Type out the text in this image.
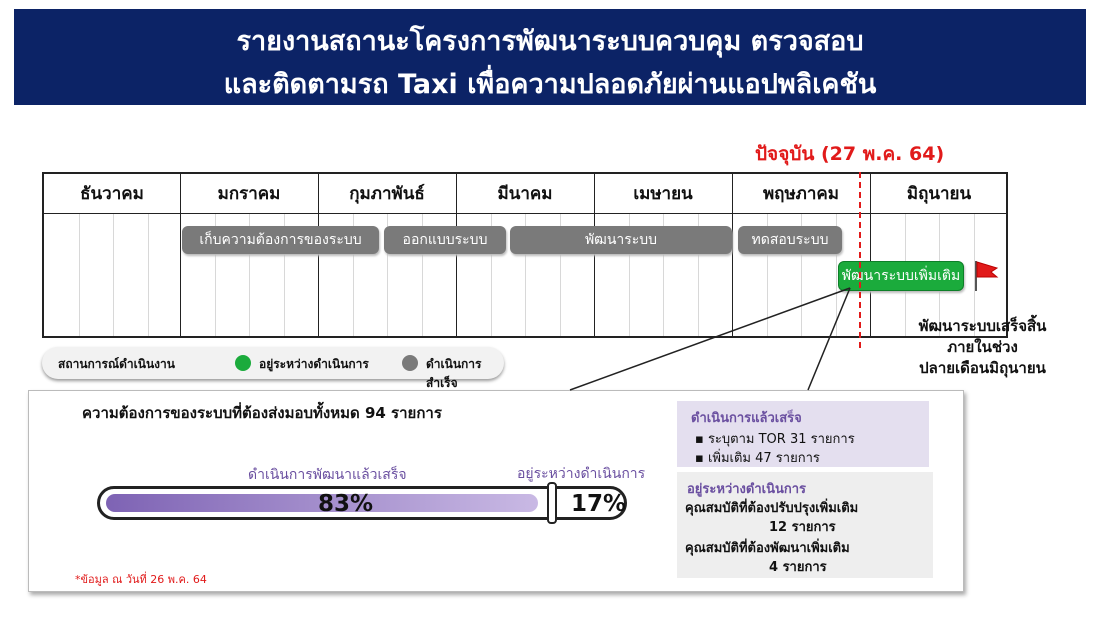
รายงานสถานะโครงการพัฒนาระบบควบคุม ตรวจสอบ
และติดตามรถ Taxi เพื่อความปลอดภัยผ่านแอปพลิเคชัน
ปัจจุบัน (27 พ.ค. 64)
ธันวาคม	มกราคม	กุมภาพันธ์	มีนาคม	เมษายน	พฤษภาคม	มิถุนายน
เก็บความต้องการของระบบ	ออกแบบระบบ	พัฒนาระบบ	ทดสอบระบบ
พัฒนาระบบเพิ่มเติม
พัฒนาระบบเสร็จสิ้น
ภายในช่วง
ปลายเดือนมิถุนายน
สถานการณ์ดำเนินงาน	อยู่ระหว่างดำเนินการ	ดำเนินการสำเร็จ
ความต้องการของระบบที่ต้องส่งมอบทั้งหมด 94 รายการ
ดำเนินการพัฒนาแล้วเสร็จ	อยู่ระหว่างดำเนินการ
83%	17%
*ข้อมูล ณ วันที่ 26 พ.ค. 64
ดำเนินการแล้วเสร็จ
▪ ระบุตาม TOR 31 รายการ
▪ เพิ่มเติม 47 รายการ
อยู่ระหว่างดำเนินการ
คุณสมบัติที่ต้องปรับปรุงเพิ่มเติม
12 รายการ
คุณสมบัติที่ต้องพัฒนาเพิ่มเติม
4 รายการ
